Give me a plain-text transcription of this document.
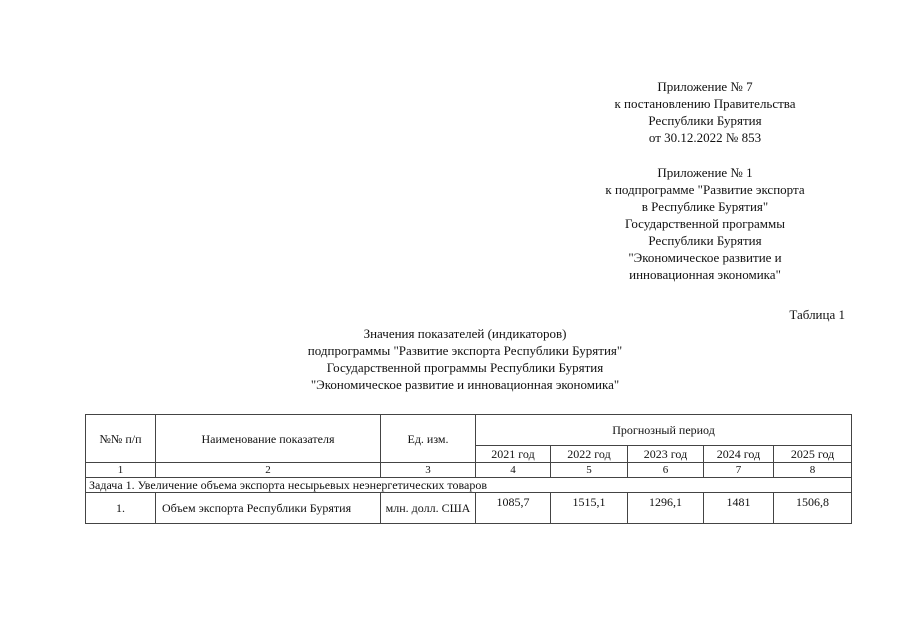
Приложение № 7
к постановлению Правительства
Республики Бурятия
от 30.12.2022 № 853
Приложение № 1
к подпрограмме "Развитие экспорта
в Республике Бурятия"
Государственной программы
Республики Бурятия
"Экономическое развитие и
инновационная экономика"
Таблица 1
Значения показателей (индикаторов)
подпрограммы "Развитие экспорта Республики Бурятия"
Государственной программы Республики Бурятия
"Экономическое развитие и инновационная экономика"
№№ п/п	Наименование показателя	Ед. изм.	Прогнозный период				
			2021 год	2022 год	2023 год	2024 год	2025 год
1	2	3	4	5	6	7	8
Задача 1. Увеличение объема экспорта несырьевых неэнергетических товаров							
1.	Объем экспорта Республики Бурятия	млн. долл. США	1085,7	1515,1	1296,1	1481	1506,8
